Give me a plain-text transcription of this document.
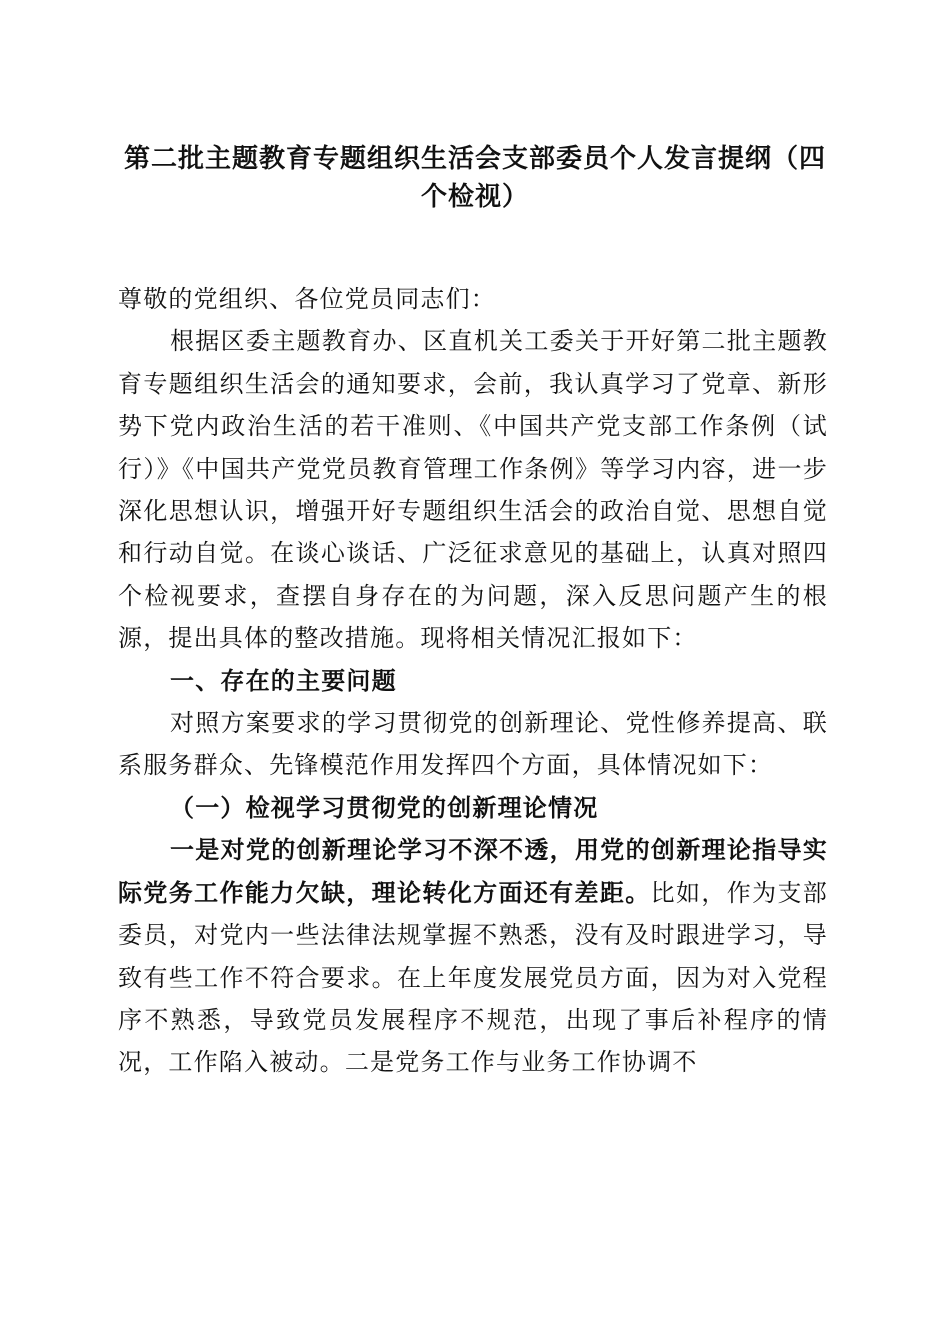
第二批主题教育专题组织生活会支部委员个人发言提纲（四个检视）

尊敬的党组织、各位党员同志们：

根据区委主题教育办、区直机关工委关于开好第二批主题教育专题组织生活会的通知要求，会前，我认真学习了党章、新形势下党内政治生活的若干准则、《中国共产党支部工作条例（试行）》《中国共产党党员教育管理工作条例》等学习内容，进一步深化思想认识，增强开好专题组织生活会的政治自觉、思想自觉和行动自觉。在谈心谈话、广泛征求意见的基础上，认真对照四个检视要求，查摆自身存在的为问题，深入反思问题产生的根源，提出具体的整改措施。现将相关情况汇报如下：

一、存在的主要问题

对照方案要求的学习贯彻党的创新理论、党性修养提高、联系服务群众、先锋模范作用发挥四个方面，具体情况如下：

（一）检视学习贯彻党的创新理论情况

一是对党的创新理论学习不深不透，用党的创新理论指导实际党务工作能力欠缺，理论转化方面还有差距。比如，作为支部委员，对党内一些法律法规掌握不熟悉，没有及时跟进学习，导致有些工作不符合要求。在上年度发展党员方面，因为对入党程序不熟悉，导致党员发展程序不规范，出现了事后补程序的情况，工作陷入被动。二是党务工作与业务工作协调不
